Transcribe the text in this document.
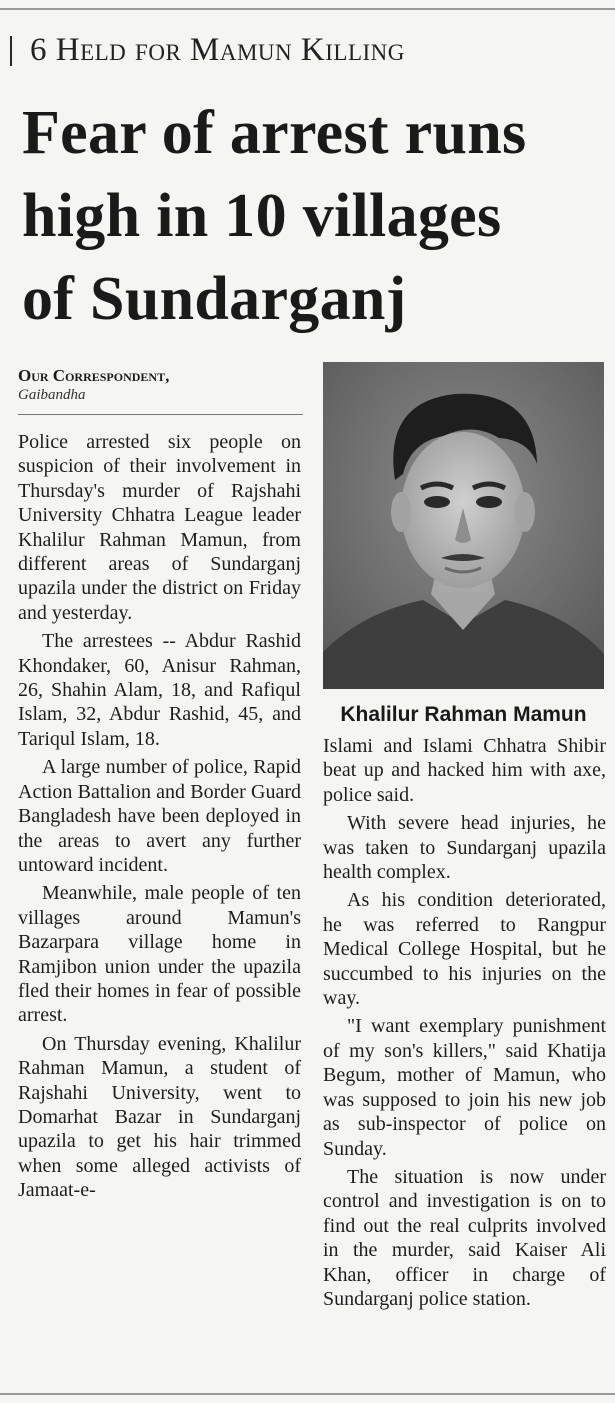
6 Held for Mamun Killing
Fear of arrest runs
high in 10 villages
of Sundarganj
Our Correspondent,
Gaibandha
Khalilur Rahman Mamun

Police arrested six people on suspicion of their involvement in Thursday's murder of Rajshahi University Chhatra League leader Khalilur Rahman Mamun, from different areas of Sundarganj upazila under the district on Friday and yesterday.

The arrestees -- Abdur Rashid Khondaker, 60, Anisur Rahman, 26, Shahin Alam, 18, and Rafiqul Islam, 32, Abdur Rashid, 45, and Tariqul Islam, 18.

A large number of police, Rapid Action Battalion and Border Guard Bangladesh have been deployed in the areas to avert any further untoward incident.

Meanwhile, male people of ten villages around Mamun's Bazarpara village home in Ramjibon union under the upazila fled their homes in fear of possible arrest.

On Thursday evening, Khalilur Rahman Mamun, a student of Rajshahi University, went to Domarhat Bazar in Sundarganj upazila to get his hair trimmed when some alleged activists of Jamaat-e-

Islami and Islami Chhatra Shibir beat up and hacked him with axe, police said.

With severe head injuries, he was taken to Sundarganj upazila health complex.

As his condition deteriorated, he was referred to Rangpur Medical College Hospital, but he succumbed to his injuries on the way.

"I want exemplary punishment of my son's killers," said Khatija Begum, mother of Mamun, who was supposed to join his new job as sub-inspector of police on Sunday.

The situation is now under control and investigation is on to find out the real culprits involved in the murder, said Kaiser Ali Khan, officer in charge of Sundarganj police station.
